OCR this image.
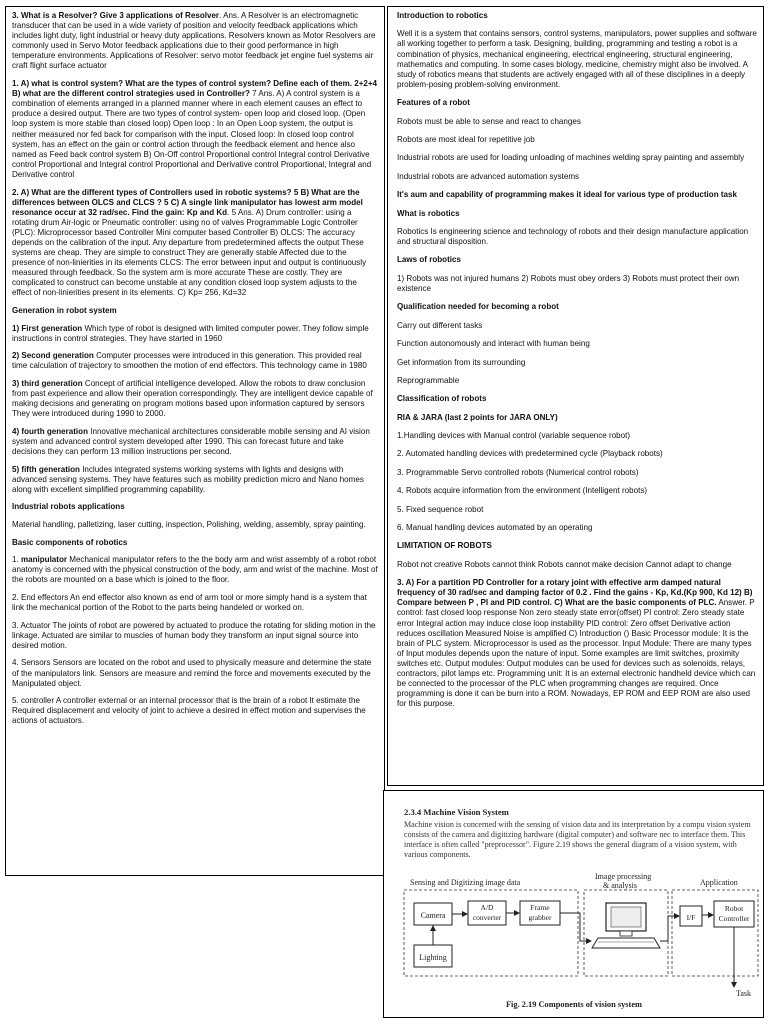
3. What is a Resolver? Give 3 applications of Resolver. Ans. A Resolver is an electromagnetic transducer that can be used in a wide variety of position and velocity feedback applications which includes light duty, light industrial or heavy duty applications. Resolvers known as Motor Resolvers are commonly used in Servo Motor feedback applications due to their good performance in high temperature environments. Applications of Resolver: servo motor feedback jet engine fuel systems air craft flight surface actuator

1. A) what is control system? What are the types of control system? Define each of them. 2+2+4 B) what are the different control strategies used in Controller? 7 Ans. A) A control system is a combination of elements arranged in a planned manner where in each element causes an effect to produce a desired output. There are two types of control system- open loop and closed loop. (Open loop system is more stable than closed loop) Open loop : In an Open Loop system, the output is neither measured nor fed back for comparison with the input. Closed loop: In closed loop control system, has an effect on the gain or control action through the feedback element and hence also named as Feed back control system B) On-Off control Proportional control Integral control Derivative control Proportional and Integral control Proportional and Derivative control Proportional, Integral and Derivative control

2. A) What are the different types of Controllers used in robotic systems? 5 B) What are the differences between OLCS and CLCS ? 5 C) A single link manipulator has lowest arm model resonance occur at 32 rad/sec. Find the gain: Kp and Kd. 5 Ans. A) Drum controller: using a rotating drum Air-logic or Pneumatic controller: using no of valves Programmable Logic Controller (PLC): Microprocessor based Controller Mini computer based Controller B) OLCS: The accuracy depends on the calibration of the input. Any departure from predetermined affects the output These systems are cheap. They are simple to construct They are generally stable Affected due to the presence of non-linierities in its elements CLCS: The error between input and output is continuously measured through feedback. So the system arm is more accurate These are costly. They are complicated to construct can become unstable at any condition closed loop system adjusts to the effect of non-linierities present in its elements. C) Kp= 256, Kd=32

Generation in robot system

1) First generation Which type of robot is designed with limited computer power. They follow simple instructions in control strategies. They have started in 1960

2) Second generation Computer processes were introduced in this generation. This provided real time calculation of trajectory to smoothen the motion of end effectors. This technology came in 1980

3) third generation Concept of artificial intelligence developed. Allow the robots to draw conclusion from past experience and allow their operation correspondingly. They are intelligent device capable of making decisions and generating on program motions based upon information captured by sensors They were introduced during 1990 to 2000.

4) fourth generation Innovative mechanical architectures considerable mobile sensing and AI vision system and advanced control system developed after 1990. This can forecast future and take decisions they can perform 13 million instructions per second.

5) fifth generation Includes integrated systems working systems with lights and designs with advanced sensing systems. They have features such as mobility prediction micro and Nano homes along with excellent simplified programming capability.

Industrial robots applications

Material handling, palletizing, laser cutting, inspection, Polishing, welding, assembly, spray painting.

Basic components of robotics

1. manipulator Mechanical manipulator refers to the the body arm and wrist assembly of a robot robot anatomy is concerned with the physical construction of the body, arm and wrist of the machine. Most of the robots are mounted on a base which is joined to the floor.

2. End effectors An end effector also known as end of arm tool or more simply hand is a system that link the mechanical portion of the Robot to the parts being handeled or worked on.

3. Actuator The joints of robot are powered by actuated to produce the rotating for sliding motion in the linkage. Actuated are similar to muscles of human body they transform an input signal source into desired motion.

4. Sensors Sensors are located on the robot and used to physically measure and determine the state of the manipulators link. Sensors are measure and remind the force and movements executed by the Manipulated object.

5. controller A controller external or an internal processor that is the brain of a robot It estimate the Required displacement and velocity of joint to achieve a desired in effect motion and supervises the actions of actuators.

Introduction to robotics

Well it is a system that contains sensors, control systems, manipulators, power supplies and software all working together to perform a task. Designing, building, programming and testing a robot is a combination of physics, mechanical engineering, electrical engineering, structural engineering, mathematics and computing. In some cases biology, medicine, chemistry might also be involved. A study of robotics means that students are actively engaged with all of these disciplines in a deeply problem-posing problem-solving environment.

Features of a robot

Robots must be able to sense and react to changes

Robots are most ideal for repetitive job

Industrial robots are used for loading unloading of machines welding spray painting and assembly

Industrial robots are advanced automation systems

It's aum and capability of programming makes it ideal for various type of production task

What is robotics

Robotics Is engineering science and technology of robots and their design manufacture application and structural disposition.

Laws of robotics

1) Robots was not injured humans 2) Robots must obey orders 3) Robots must protect their own existence

Qualification needed for becoming a robot

Carry out different tasks

Function autonomously and interact with human being

Get information from its surrounding

Reprogrammable

Classification of robots

RIA & JARA (last 2 points for JARA ONLY)

1.Handling devices with Manual control (variable sequence robot)

2. Automated handling devices with predetermined cycle (Playback robots)

3. Programmable Servo controlled robots (Numerical control robots)

4. Robots acquire information from the environment (Intelligent robots)

5. Fixed sequence robot

6. Manual handling devices automated by an operating

LIMITATION OF ROBOTS

Robot not creative Robots cannot think Robots cannot make decision Cannot adapt to change

3. A) For a partition PD Controller for a rotary joint with effective arm damped natural frequency of 30 rad/sec and damping factor of 0.2 . Find the gains - Kp, Kd.(Kp 900, Kd 12) B) Compare between P , PI and PID control. C) What are the basic components of PLC. Answer. P control: fast closed loop response Non zero steady state error(offset) PI control: Zero steady state error Integral action may induce close loop instability PID control: Zero offset Derivative action reduces oscillation Measured Noise is amplified C) Introduction () Basic Processor module: It is the brain of PLC system. Microprocessor is used as the processor. Input Module: There are many types of Input modules depends upon the nature of input. Some examples are limit switches, proximity switches etc. Output modules: Output modules can be used for devices such as solenoids, relays, contractors, pilot lamps etc. Programming unit: It is an external electronic handheld device which can be connected to the processor of the PLC when programming changes are required. Once programming is done it can be burn into a ROM. Nowadays, EP ROM and EEP ROM are also used for this purpose.

2.3.4 Machine Vision System

Machine vision is concerned with the sensing of vision data and its interpretation by a compu vision system consists of the camera and digitizing hardware (digital computer) and software nec to interface them. This interface is often called "preprocessor". Figure 2.19 shows the general diagram of a vision system, with various components.

Sensing and Digitizing image data
Image processing
& analysis	Application
Camera
A/D
converter
Frame
grabber
Lighting
I/F
Robot
Controller
Task
Fig. 2.19 Components of vision system
